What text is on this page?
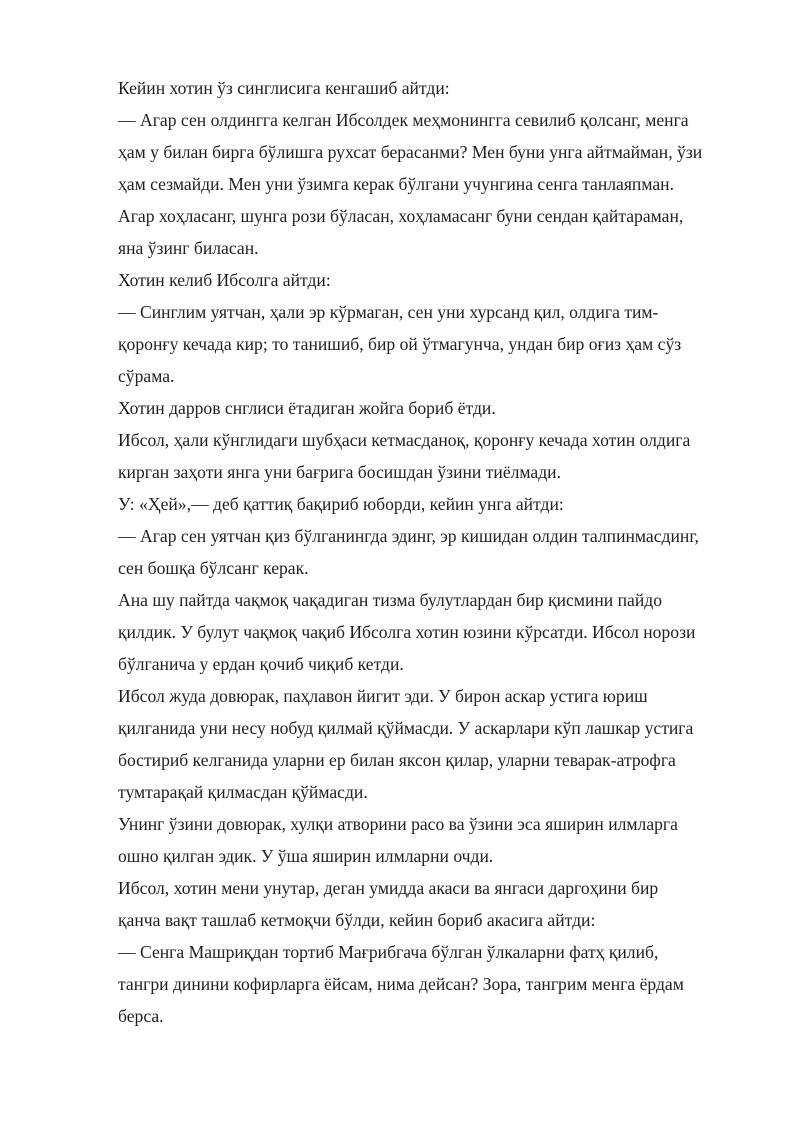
Кейин хотин ўз синглисига кенгашиб айтди:
— Агар сен олдингга келган Ибсолдек меҳмонингга севилиб қолсанг, менга
ҳам у билан бирга бўлишга рухсат берасанми? Мен буни унга айтмайман, ўзи
ҳам сезмайди. Мен уни ўзимга керак бўлгани учунгина сенга танлаяпман.
Агар хоҳласанг, шунга рози бўласан, хоҳламасанг буни сендан қайтараман,
яна ўзинг биласан.
Хотин келиб Ибсолга айтди:
— Синглим уятчан, ҳали эр кўрмаган, сен уни хурсанд қил, олдига тим-
қоронғу кечада кир; то танишиб, бир ой ўтмагунча, ундан бир оғиз ҳам сўз
сўрама.
Хотин дарров снглиси ётадиган жойга бориб ётди.
Ибсол, ҳали кўнглидаги шубҳаси кетмасданоқ, қоронғу кечада хотин олдига
кирган заҳоти янга уни бағрига босишдан ўзини тиёлмади.
У: «Ҳей»,— деб қаттиқ бақириб юборди, кейин унга айтди:
— Агар сен уятчан қиз бўлганингда эдинг, эр кишидан олдин талпинмасдинг,
сен бошқа бўлсанг керак.
Ана шу пайтда чақмоқ чақадиган тизма булутлардан бир қисмини пайдо
қилдик. У булут чақмоқ чақиб Ибсолга хотин юзини кўрсатди. Ибсол норози
бўлганича у ердан қочиб чиқиб кетди.
Ибсол жуда довюрак, паҳлавон йигит эди. У бирон аскар устига юриш
қилганида уни несу нобуд қилмай қўймасди. У аскарлари кўп лашкар устига
бостириб келганида уларни ер билан яксон қилар, уларни теварак-атрофга
тумтарақай қилмасдан қўймасди.
Унинг ўзини довюрак, хулқи атворини расо ва ўзини эса яширин илмларга
ошно қилган эдик. У ўша яширин илмларни очди.
Ибсол, хотин мени унутар, деган умидда акаси ва янгаси даргоҳини бир
қанча вақт ташлаб кетмоқчи бўлди, кейин бориб акасига айтди:
— Сенга Машриқдан тортиб Мағрибгача бўлган ўлкаларни фатҳ қилиб,
тангри динини кофирларга ёйсам, нима дейсан? Зора, тангрим менга ёрдам
берса.
